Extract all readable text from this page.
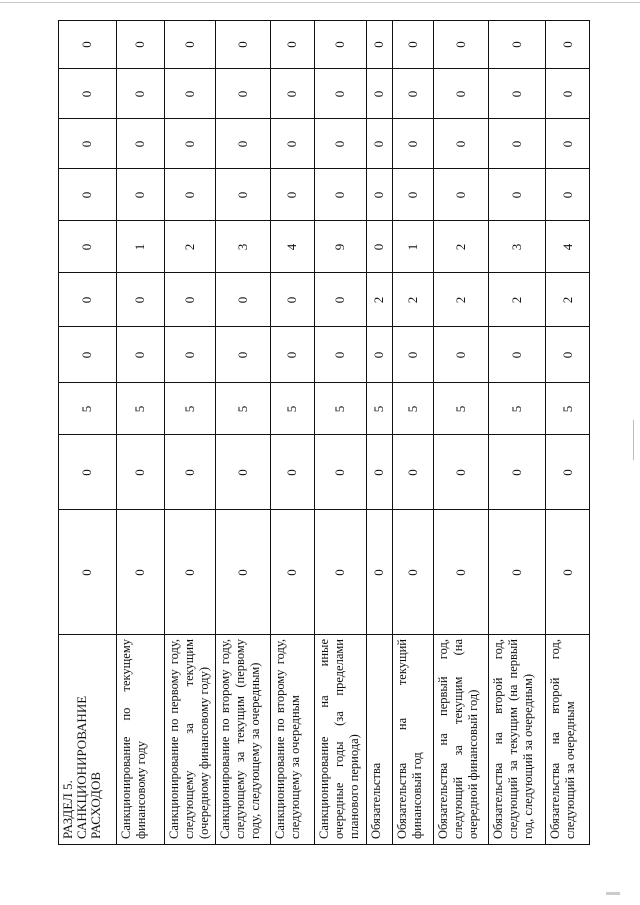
РАЗДЕЛ 5.
САНКЦИОНИРОВАНИЕ РАСХОДОВ
0
0
5
0
0
0
0
0
0
0
Санкционирование по текущему финансовому году
0
0
5
0
0
1
0
0
0
0
Санкционирование по первому году, следующему за текущим (очередному финансовому году)
0
0
5
0
0
2
0
0
0
0
Санкционирование по второму году, следующему за текущим (первому году, следующему за очередным)
0
0
5
0
0
3
0
0
0
0
Санкционирование по второму году, следующему за очередным
0
0
5
0
0
4
0
0
0
0
Санкционирование на иные очередные годы (за пределами планового периода)
0
0
5
0
0
9
0
0
0
0
Обязательства
0
0
5
0
2
0
0
0
0
0
Обязательства на текущий финансовый год
0
0
5
0
2
1
0
0
0
0
Обязательства на первый год, следующий за текущим (на очередной финансовый год)
0
0
5
0
2
2
0
0
0
0
Обязательства на второй год, следующий за текущим (на первый год, следующий за очередным)
0
0
5
0
2
3
0
0
0
0
Обязательства на второй год, следующий за очередным
0
0
5
0
2
4
0
0
0
0
